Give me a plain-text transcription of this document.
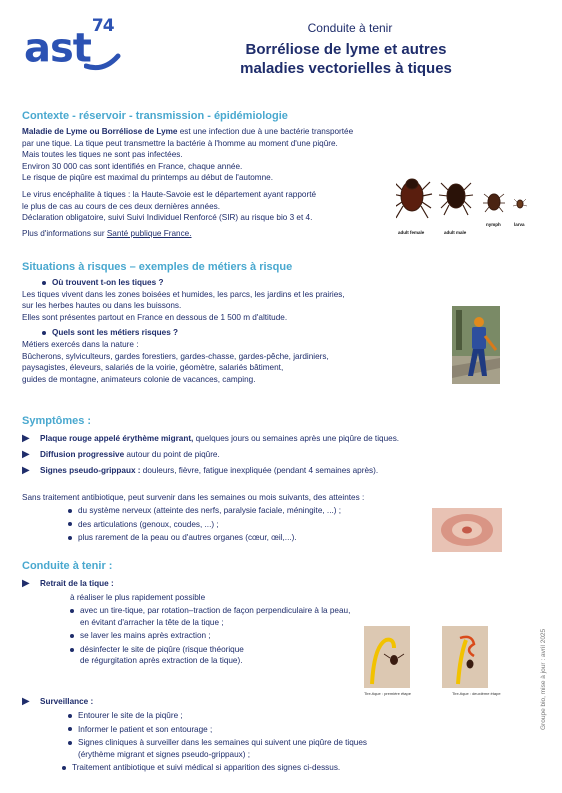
ast$^{74}$	Conduite à tenir
Borréliose de lyme et autres
maladies vectorielles à tiques
Contexte - réservoir - transmission - épidémiologie
Maladie de Lyme ou Borréliose de Lyme est une infection due à une bactérie transportée
par une tique. La tique peut transmettre la bactérie à l'homme au moment d'une piqûre.
Mais toutes les tiques ne sont pas infectées.
Environ 30 000 cas sont identifiés en France, chaque année.
Le risque de piqûre est maximal du printemps au début de l'automne.
Le virus encéphalite à tiques : la Haute-Savoie est le département ayant rapporté
le plus de cas au cours de ces deux dernières années.
Déclaration obligatoire, suivi Suivi Individuel Renforcé (SIR) au risque bio 3 et 4.
Plus d'informations sur Santé publique France.	adult female	adult male
nymph	larva
Situations à risques – exemples de métiers à risque
Où trouvent t-on les tiques ?
Les tiques vivent dans les zones boisées et humides, les parcs, les jardins et les prairies,
sur les herbes hautes ou dans les buissons.
Elles sont présentes partout en France en dessous de 1 500 m d'altitude.
Quels sont les métiers risques ?
Métiers exercés dans la nature :
Bûcherons, sylviculteurs, gardes forestiers, gardes-chasse, gardes-pêche, jardiniers,
paysagistes, éleveurs, salariés de la voirie, géomètre, salariés bâtiment,
guides de montagne, animateurs colonie de vacances, camping.
Symptômes :
▶ Plaque rouge appelé érythème migrant, quelques jours ou semaines après une piqûre de tiques.
▶ Diffusion progressive autour du point de piqûre.
▶ Signes pseudo-grippaux : douleurs, fièvre, fatigue inexpliquée (pendant 4 semaines après).
Sans traitement antibiotique, peut survenir dans les semaines ou mois suivants, des atteintes :
du système nerveux (atteinte des nerfs, paralysie faciale, méningite, ...) ;
des articulations (genoux, coudes, ...) ;
plus rarement de la peau ou d'autres organes (cœur, œil,...).
Conduite à tenir :
▶ Retrait de la tique :
à réaliser le plus rapidement possible
avec un tire-tique, par rotation–traction de façon perpendiculaire à la peau,
en évitant d'arracher la tête de la tique ;
se laver les mains après extraction ;
désinfecter le site de piqûre (risque théorique
de régurgitation après extraction de la tique).
Tire-tique : première étape	Tire-tique : deuxième étape
▶ Surveillance :
Entourer le site de la piqûre ;
Informer le patient et son entourage ;
Signes cliniques à surveiller dans les semaines qui suivent une piqûre de tiques
(érythème migrant et signes pseudo-grippaux) ;
Traitement antibiotique et suivi médical si apparition des signes ci-dessus.
Groupe bio, mise à jour : avril 2025
